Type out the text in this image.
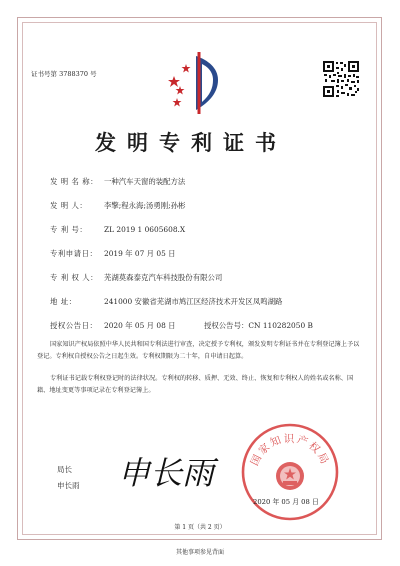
证书号第 3788370 号
发明专利证书
发 明 名 称： 一种汽车天窗的装配方法
发 明 人： 李擎;程永海;汤勇刚;孙彬
专 利 号： ZL 2019 1 0605608.X
专利申请日： 2019 年 07 月 05 日
专 利 权 人： 芜湖莫森泰克汽车科技股份有限公司
地 址：	241000 安徽省芜湖市鸠江区经济技术开发区凤鸣湖路
授权公告日： 2020 年 05 月 08 日	授权公告号：CN 110282050 B
国家知识产权局依照中华人民共和国专利法进行审查，决定授予专利权，颁发发明专利证书并在专利登记簿上予以登记。专利权自授权公告之日起生效。专利权期限为二十年，自申请日起算。
专利证书记载专利权登记时的法律状况。专利权的转移、质押、无效、终止、恢复和专利权人的姓名或名称、国籍、地址变更等事项记录在专利登记簿上。
国家知识产权局
2020 年 05 月 08 日
局长
申长雨 申长雨
第 1 页（共 2 页）
其他事项参见背面
